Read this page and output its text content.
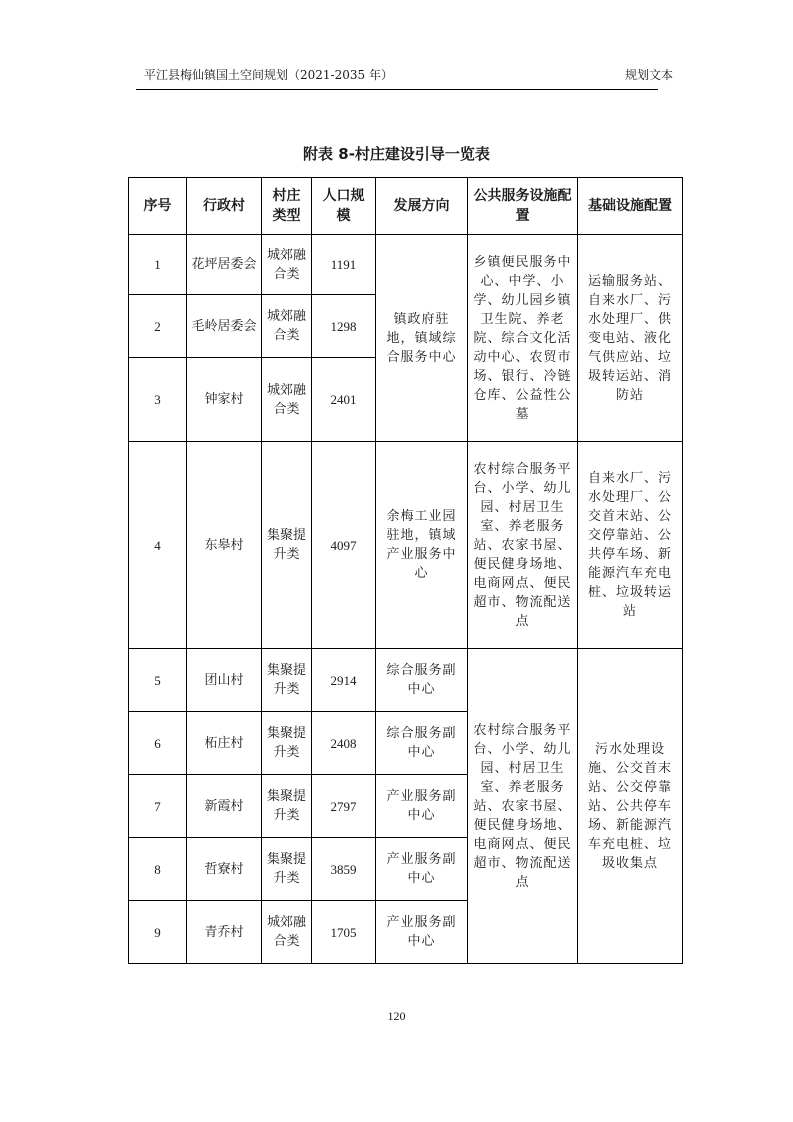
平江县梅仙镇国土空间规划（2021-2035 年）	规划文本
附表 8-村庄建设引导一览表
序号	行政村	村庄类型	人口规模	发展方向	公共服务设施配置	基础设施配置
1	花坪居委会	城郊融合类	1191	镇政府驻地，镇域综合服务中心	乡镇便民服务中心、中学、小学、幼儿园乡镇卫生院、养老院、综合文化活动中心、农贸市场、银行、冷链仓库、公益性公墓	运输服务站、自来水厂、污水处理厂、供变电站、液化气供应站、垃圾转运站、消防站
2	毛岭居委会	城郊融合类	1298			
3	钟家村	城郊融合类	2401			
4	东皋村	集聚提升类	4097	余梅工业园驻地，镇域产业服务中心	农村综合服务平台、小学、幼儿园、村居卫生室、养老服务站、农家书屋、便民健身场地、电商网点、便民超市、物流配送点	自来水厂、污水处理厂、公交首末站、公交停靠站、公共停车场、新能源汽车充电桩、垃圾转运站
5	团山村	集聚提升类	2914	综合服务副中心	农村综合服务平台、小学、幼儿园、村居卫生室、养老服务站、农家书屋、便民健身场地、电商网点、便民超市、物流配送点	污水处理设施、公交首末站、公交停靠站、公共停车场、新能源汽车充电桩、垃圾收集点
6	柘庄村	集聚提升类	2408	综合服务副中心		
7	新霞村	集聚提升类	2797	产业服务副中心		
8	哲寮村	集聚提升类	3859	产业服务副中心		
9	青乔村	城郊融合类	1705	产业服务副中心		
120
